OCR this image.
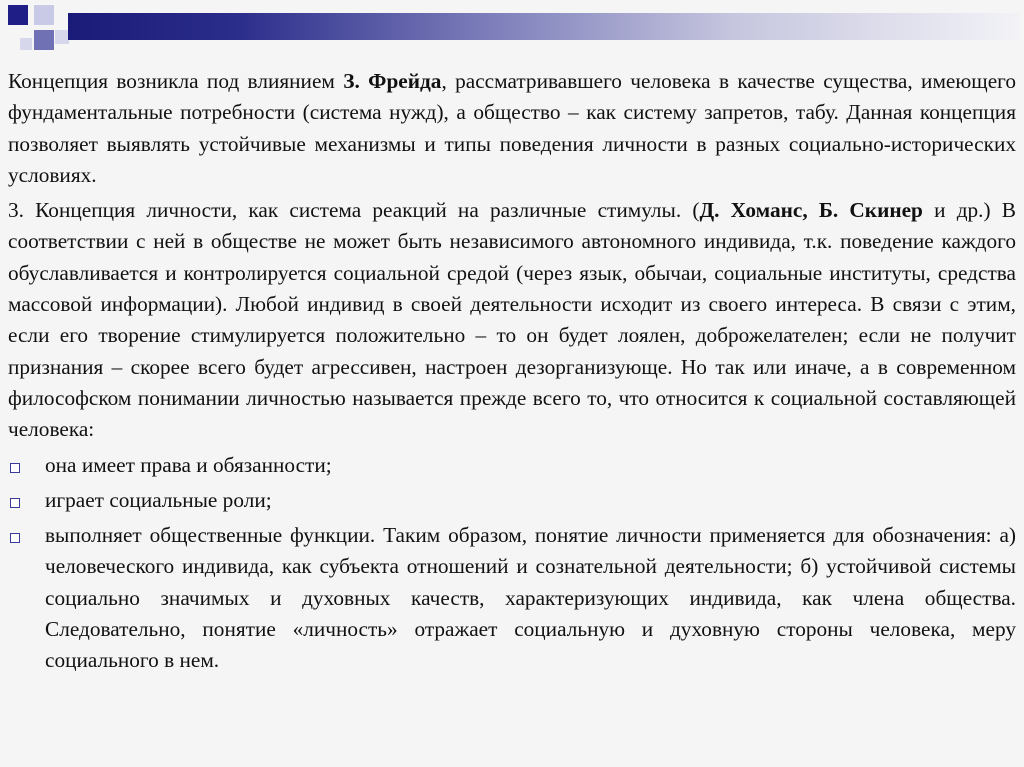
Концепция возникла под влиянием З. Фрейда, рассматривавшего человека в качестве существа, имеющего фундаментальные потребности (система нужд), а общество – как систему запретов, табу. Данная концепция позволяет выявлять устойчивые механизмы и типы поведения личности в разных социально-исторических условиях.

3. Концепция личности, как система реакций на различные стимулы. (Д. Хоманс, Б. Скинер и др.) В соответствии с ней в обществе не может быть независимого автономного индивида, т.к. поведение каждого обуславливается и контролируется социальной средой (через язык, обычаи, социальные институты, средства массовой информации). Любой индивид в своей деятельности исходит из своего интереса. В связи с этим, если его творение стимулируется положительно – то он будет лоялен, доброжелателен; если не получит признания – скорее всего будет агрессивен, настроен дезорганизующе. Но так или иначе, а в современном философском понимании личностью называется прежде всего то, что относится к социальной составляющей человека:

она имеет права и обязанности;
играет социальные роли;
выполняет общественные функции. Таким образом, понятие личности применяется для обозначения: а) человеческого индивида, как субъекта отношений и сознательной деятельности; б) устойчивой системы социально значимых и духовных качеств, характеризующих индивида, как члена общества. Следовательно, понятие «личность» отражает социальную и духовную стороны человека, меру социального в нем.
